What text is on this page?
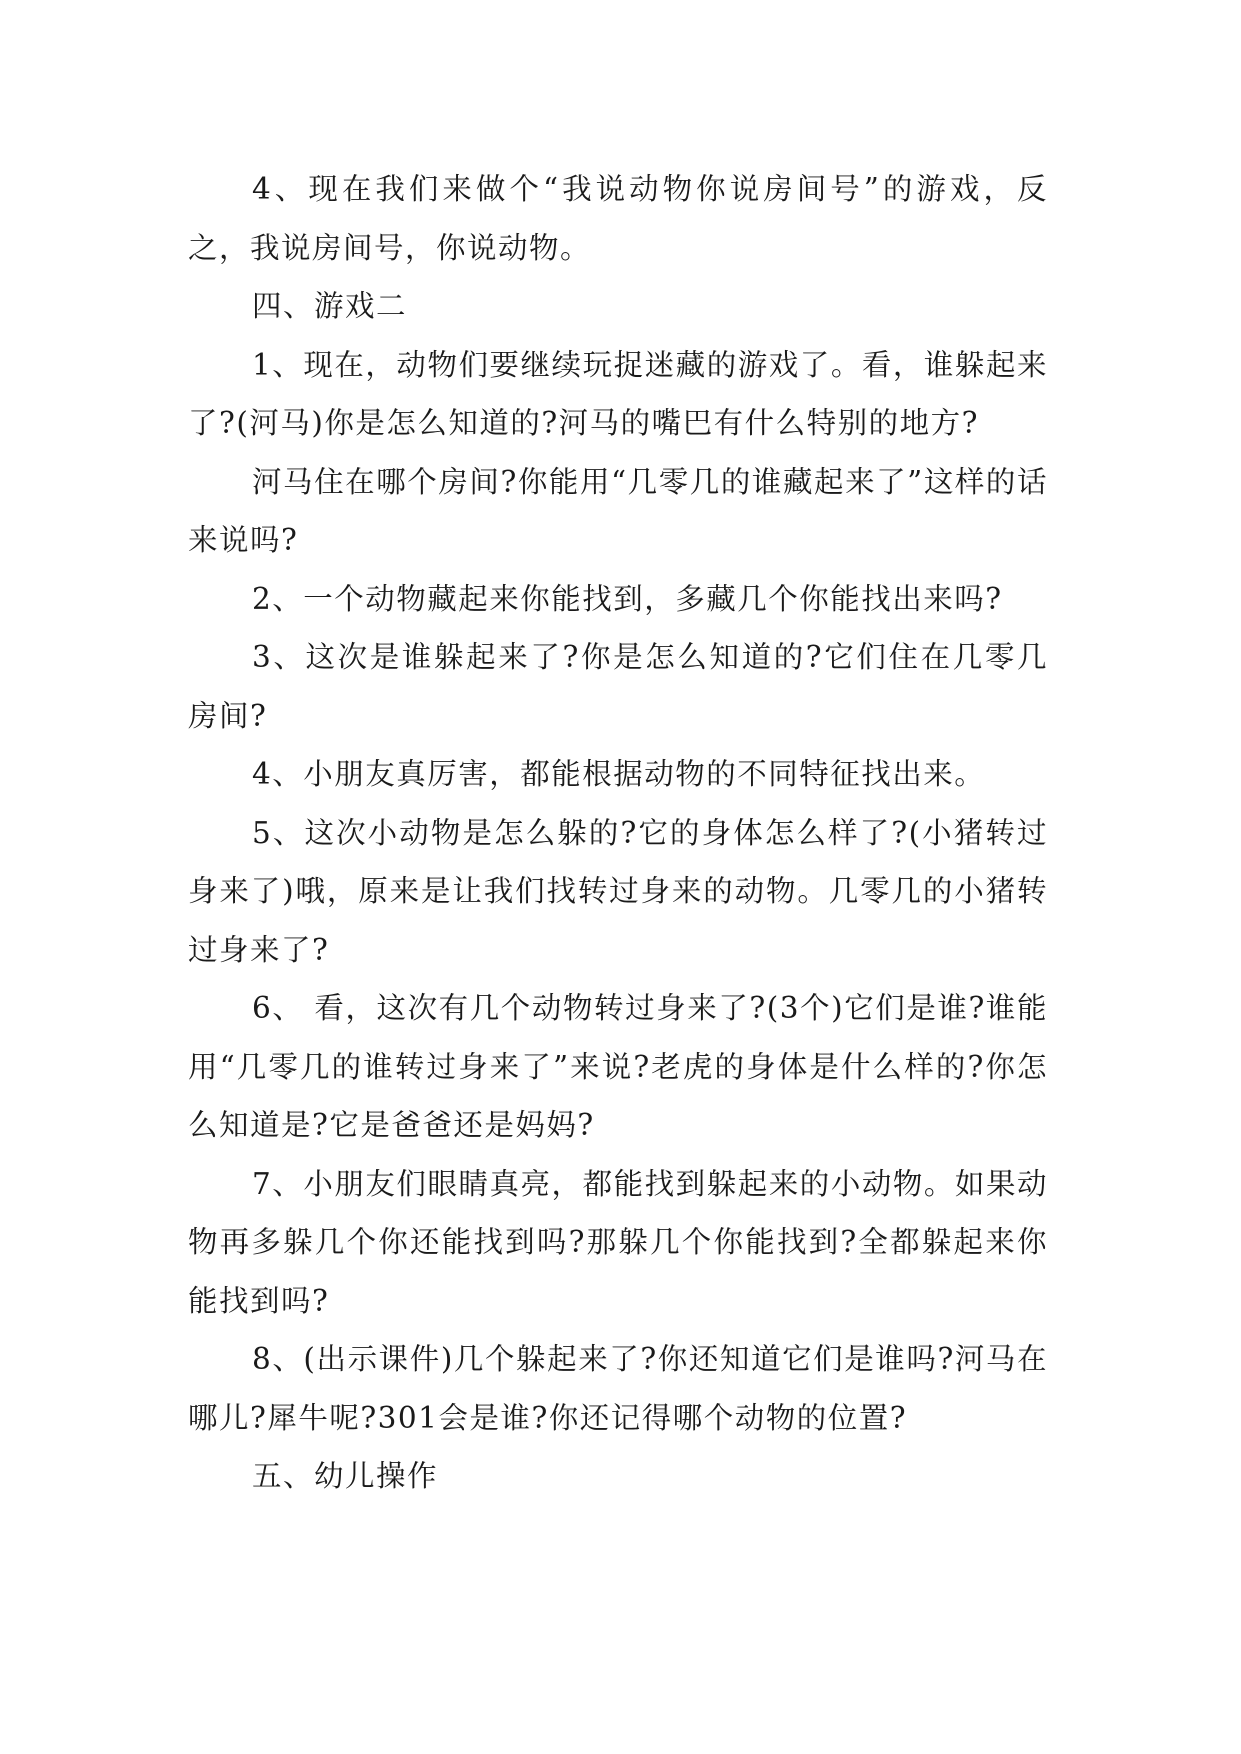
4、现在我们来做个“我说动物你说房间号”的游戏，反之，我说房间号，你说动物。

四、游戏二

1、现在，动物们要继续玩捉迷藏的游戏了。看，谁躲起来了?(河马)你是怎么知道的?河马的嘴巴有什么特别的地方?

河马住在哪个房间?你能用“几零几的谁藏起来了”这样的话来说吗?

2、一个动物藏起来你能找到，多藏几个你能找出来吗?

3、这次是谁躲起来了?你是怎么知道的?它们住在几零几房间?

4、小朋友真厉害，都能根据动物的不同特征找出来。

5、这次小动物是怎么躲的?它的身体怎么样了?(小猪转过身来了)哦，原来是让我们找转过身来的动物。几零几的小猪转过身来了?

6、 看，这次有几个动物转过身来了?(3个)它们是谁?谁能用“几零几的谁转过身来了”来说?老虎的身体是什么样的?你怎么知道是?它是爸爸还是妈妈?

7、小朋友们眼睛真亮，都能找到躲起来的小动物。如果动物再多躲几个你还能找到吗?那躲几个你能找到?全都躲起来你能找到吗?

8、(出示课件)几个躲起来了?你还知道它们是谁吗?河马在哪儿?犀牛呢?301会是谁?你还记得哪个动物的位置?

五、幼儿操作
